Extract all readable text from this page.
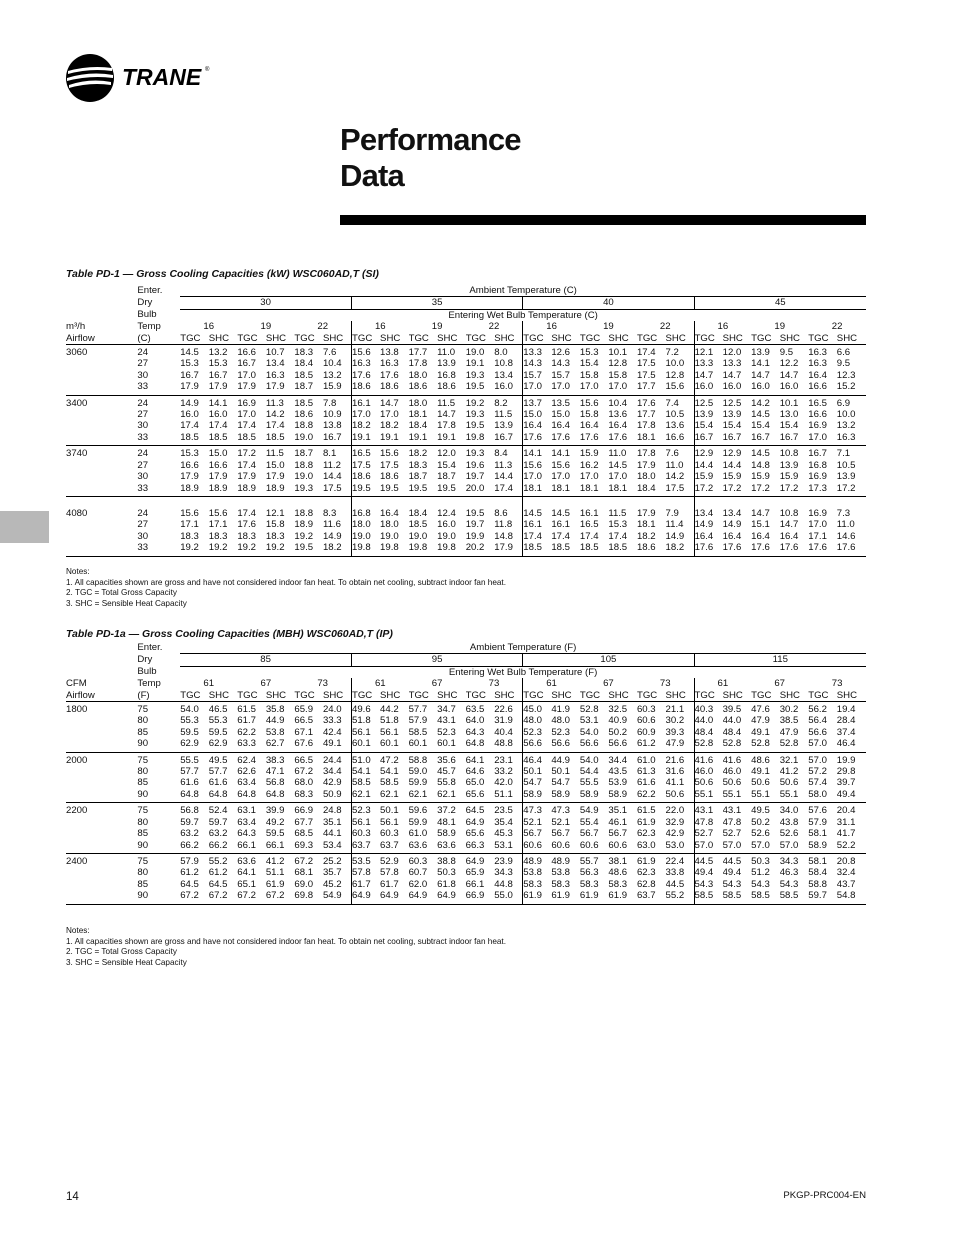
TRANE ®
Performance
Data
Table PD-1 — Gross Cooling Capacities (kW) WSC060AD,T (SI)
	Enter.	Ambient Temperature (C)																							
	Dry	30						35						40						45					
	Bulb	Entering Wet Bulb Temperature (C)																							
m³/h	Temp	16		19		22		16		19		22		16		19		22		16		19		22	
Airflow	(C)	TGC	SHC	TGC	SHC	TGC	SHC	TGC	SHC	TGC	SHC	TGC	SHC	TGC	SHC	TGC	SHC	TGC	SHC	TGC	SHC	TGC	SHC	TGC	SHC
3060	24	14.5	13.2	16.6	10.7	18.3	7.6	15.6	13.8	17.7	11.0	19.0	8.0	13.3	12.6	15.3	10.1	17.4	7.2	12.1	12.0	13.9	9.5	16.3	6.6
	27	15.3	15.3	16.7	13.4	18.4	10.4	16.3	16.3	17.8	13.9	19.1	10.8	14.3	14.3	15.4	12.8	17.5	10.0	13.3	13.3	14.1	12.2	16.3	9.5
	30	16.7	16.7	17.0	16.3	18.5	13.2	17.6	17.6	18.0	16.8	19.3	13.4	15.7	15.7	15.8	15.8	17.5	12.8	14.7	14.7	14.7	14.7	16.4	12.3
	33	17.9	17.9	17.9	17.9	18.7	15.9	18.6	18.6	18.6	18.6	19.5	16.0	17.0	17.0	17.0	17.0	17.7	15.6	16.0	16.0	16.0	16.0	16.6	15.2
3400	24	14.9	14.1	16.9	11.3	18.5	7.8	16.1	14.7	18.0	11.5	19.2	8.2	13.7	13.5	15.6	10.4	17.6	7.4	12.5	12.5	14.2	10.1	16.5	6.9
	27	16.0	16.0	17.0	14.2	18.6	10.9	17.0	17.0	18.1	14.7	19.3	11.5	15.0	15.0	15.8	13.6	17.7	10.5	13.9	13.9	14.5	13.0	16.6	10.0
	30	17.4	17.4	17.4	17.4	18.8	13.8	18.2	18.2	18.4	17.8	19.5	13.9	16.4	16.4	16.4	16.4	17.8	13.6	15.4	15.4	15.4	15.4	16.9	13.2
	33	18.5	18.5	18.5	18.5	19.0	16.7	19.1	19.1	19.1	19.1	19.8	16.7	17.6	17.6	17.6	17.6	18.1	16.6	16.7	16.7	16.7	16.7	17.0	16.3
3740	24	15.3	15.0	17.2	11.5	18.7	8.1	16.5	15.6	18.2	12.0	19.3	8.4	14.1	14.1	15.9	11.0	17.8	7.6	12.9	12.9	14.5	10.8	16.7	7.1
	27	16.6	16.6	17.4	15.0	18.8	11.2	17.5	17.5	18.3	15.4	19.6	11.3	15.6	15.6	16.2	14.5	17.9	11.0	14.4	14.4	14.8	13.9	16.8	10.5
	30	17.9	17.9	17.9	17.9	19.0	14.4	18.6	18.6	18.7	18.7	19.7	14.4	17.0	17.0	17.0	17.0	18.0	14.2	15.9	15.9	15.9	15.9	16.9	13.9
	33	18.9	18.9	18.9	18.9	19.3	17.5	19.5	19.5	19.5	19.5	20.0	17.4	18.1	18.1	18.1	18.1	18.4	17.5	17.2	17.2	17.2	17.2	17.3	17.2

4080	24	15.6	15.6	17.4	12.1	18.8	8.3	16.8	16.4	18.4	12.4	19.5	8.6	14.5	14.5	16.1	11.5	17.9	7.9	13.4	13.4	14.7	10.8	16.9	7.3
	27	17.1	17.1	17.6	15.8	18.9	11.6	18.0	18.0	18.5	16.0	19.7	11.8	16.1	16.1	16.5	15.3	18.1	11.4	14.9	14.9	15.1	14.7	17.0	11.0
	30	18.3	18.3	18.3	18.3	19.2	14.9	19.0	19.0	19.0	19.0	19.9	14.8	17.4	17.4	17.4	17.4	18.2	14.9	16.4	16.4	16.4	16.4	17.1	14.6
	33	19.2	19.2	19.2	19.2	19.5	18.2	19.8	19.8	19.8	19.8	20.2	17.9	18.5	18.5	18.5	18.5	18.6	18.2	17.6	17.6	17.6	17.6	17.6	17.6
Notes:
1. All capacities shown are gross and have not considered indoor fan heat. To obtain net cooling, subtract indoor fan heat.
2. TGC = Total Gross Capacity
3. SHC = Sensible Heat Capacity
Table PD-1a — Gross Cooling Capacities (MBH) WSC060AD,T (IP)
	Enter.	Ambient Temperature (F)																							
	Dry	85						95						105						115					
	Bulb	Entering Wet Bulb Temperature (F)																							
CFM	Temp	61		67		73		61		67		73		61		67		73		61		67		73	
Airflow	(F)	TGC	SHC	TGC	SHC	TGC	SHC	TGC	SHC	TGC	SHC	TGC	SHC	TGC	SHC	TGC	SHC	TGC	SHC	TGC	SHC	TGC	SHC	TGC	SHC
1800	75	54.0	46.5	61.5	35.8	65.9	24.0	49.6	44.2	57.7	34.7	63.5	22.6	45.0	41.9	52.8	32.5	60.3	21.1	40.3	39.5	47.6	30.2	56.2	19.4
	80	55.3	55.3	61.7	44.9	66.5	33.3	51.8	51.8	57.9	43.1	64.0	31.9	48.0	48.0	53.1	40.9	60.6	30.2	44.0	44.0	47.9	38.5	56.4	28.4
	85	59.5	59.5	62.2	53.8	67.1	42.4	56.1	56.1	58.5	52.3	64.3	40.4	52.3	52.3	54.0	50.2	60.9	39.3	48.4	48.4	49.1	47.9	56.6	37.4
	90	62.9	62.9	63.3	62.7	67.6	49.1	60.1	60.1	60.1	60.1	64.8	48.8	56.6	56.6	56.6	56.6	61.2	47.9	52.8	52.8	52.8	52.8	57.0	46.4
2000	75	55.5	49.5	62.4	38.3	66.5	24.4	51.0	47.2	58.8	35.6	64.1	23.1	46.4	44.9	54.0	34.4	61.0	21.6	41.6	41.6	48.6	32.1	57.0	19.9
	80	57.7	57.7	62.6	47.1	67.2	34.4	54.1	54.1	59.0	45.7	64.6	33.2	50.1	50.1	54.4	43.5	61.3	31.6	46.0	46.0	49.1	41.2	57.2	29.8
	85	61.6	61.6	63.4	56.8	68.0	42.9	58.5	58.5	59.9	55.8	65.0	42.0	54.7	54.7	55.5	53.9	61.6	41.1	50.6	50.6	50.6	50.6	57.4	39.7
	90	64.8	64.8	64.8	64.8	68.3	50.9	62.1	62.1	62.1	62.1	65.6	51.1	58.9	58.9	58.9	58.9	62.2	50.6	55.1	55.1	55.1	55.1	58.0	49.4
2200	75	56.8	52.4	63.1	39.9	66.9	24.8	52.3	50.1	59.6	37.2	64.5	23.5	47.3	47.3	54.9	35.1	61.5	22.0	43.1	43.1	49.5	34.0	57.6	20.4
	80	59.7	59.7	63.4	49.2	67.7	35.1	56.1	56.1	59.9	48.1	64.9	35.4	52.1	52.1	55.4	46.1	61.9	32.9	47.8	47.8	50.2	43.8	57.9	31.1
	85	63.2	63.2	64.3	59.5	68.5	44.1	60.3	60.3	61.0	58.9	65.6	45.3	56.7	56.7	56.7	56.7	62.3	42.9	52.7	52.7	52.6	52.6	58.1	41.7
	90	66.2	66.2	66.1	66.1	69.3	53.4	63.7	63.7	63.6	63.6	66.3	53.1	60.6	60.6	60.6	60.6	63.0	53.0	57.0	57.0	57.0	57.0	58.9	52.2
2400	75	57.9	55.2	63.6	41.2	67.2	25.2	53.5	52.9	60.3	38.8	64.9	23.9	48.9	48.9	55.7	38.1	61.9	22.4	44.5	44.5	50.3	34.3	58.1	20.8
	80	61.2	61.2	64.1	51.1	68.1	35.7	57.8	57.8	60.7	50.3	65.9	34.3	53.8	53.8	56.3	48.6	62.3	33.8	49.4	49.4	51.2	46.3	58.4	32.4
	85	64.5	64.5	65.1	61.9	69.0	45.2	61.7	61.7	62.0	61.8	66.1	44.8	58.3	58.3	58.3	58.3	62.8	44.5	54.3	54.3	54.3	54.3	58.8	43.7
	90	67.2	67.2	67.2	67.2	69.8	54.9	64.9	64.9	64.9	64.9	66.9	55.0	61.9	61.9	61.9	61.9	63.7	55.2	58.5	58.5	58.5	58.5	59.7	54.8
Notes:
1. All capacities shown are gross and have not considered indoor fan heat. To obtain net cooling, subtract indoor fan heat.
2. TGC = Total Gross Capacity
3. SHC = Sensible Heat Capacity
14	PKGP-PRC004-EN
